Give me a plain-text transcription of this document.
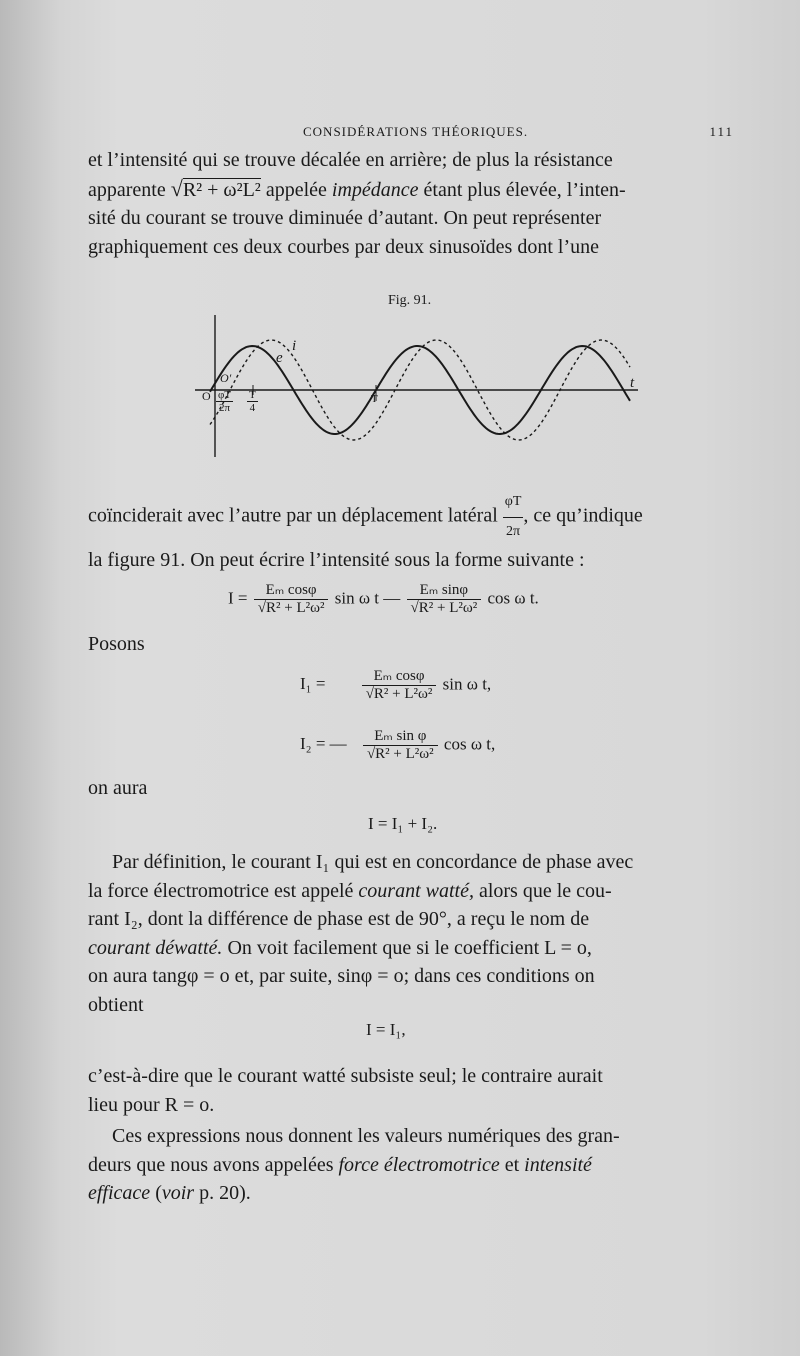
CONSIDÉRATIONS THÉORIQUES.	111

et l’intensité qui se trouve décalée en arrière; de plus la résistance

apparente √R² + ω²L² appelée impédance étant plus élevée, l’inten-

sité du courant se trouve diminuée d’autant. On peut représenter

graphiquement ces deux courbes par deux sinusoïdes dont l’une

Fig. 91.
i
e
t
O
O′
T
$\frac{\varphi T}{2\pi} \frac{T}{4}$

coïnciderait avec l’autre par un déplacement latéral $\frac{\varphi T}{2\pi}$ , ce qu’indique

la figure 91. On peut écrire l’intensité sous la forme suivante :

$I = \frac{\text{Eₘ cosφ}}{\text{√R² + L²ω²}}$ sin ω t — $\frac{\text{Eₘ sinφ}}{\text{√R² + L²ω²}}$ cos ω t.

Posons

$I_1 = \frac{\text{Eₘ cosφ}}{\text{√R² + L²ω²}}$ sin ω t,
I₂ = — $\frac{\text{Eₘ sin φ}}{\text{√R² + L²ω²}}$ cos ω t,

on aura

I = I₁ + I₂.

Par définition, le courant I₁ qui est en concordance de phase avec

la force électromotrice est appelé courant watté, alors que le cou-

rant I₂, dont la différence de phase est de 90°, a reçu le nom de

courant déwatté. On voit facilement que si le coefficient L = o,

on aura tangφ = o et, par suite, sinφ = o; dans ces conditions on

obtient

I = I₁,

c’est-à-dire que le courant watté subsiste seul; le contraire aurait

lieu pour R = o.

Ces expressions nous donnent les valeurs numériques des gran-

deurs que nous avons appelées force électromotrice et intensité

efficace (voir p. 20).
